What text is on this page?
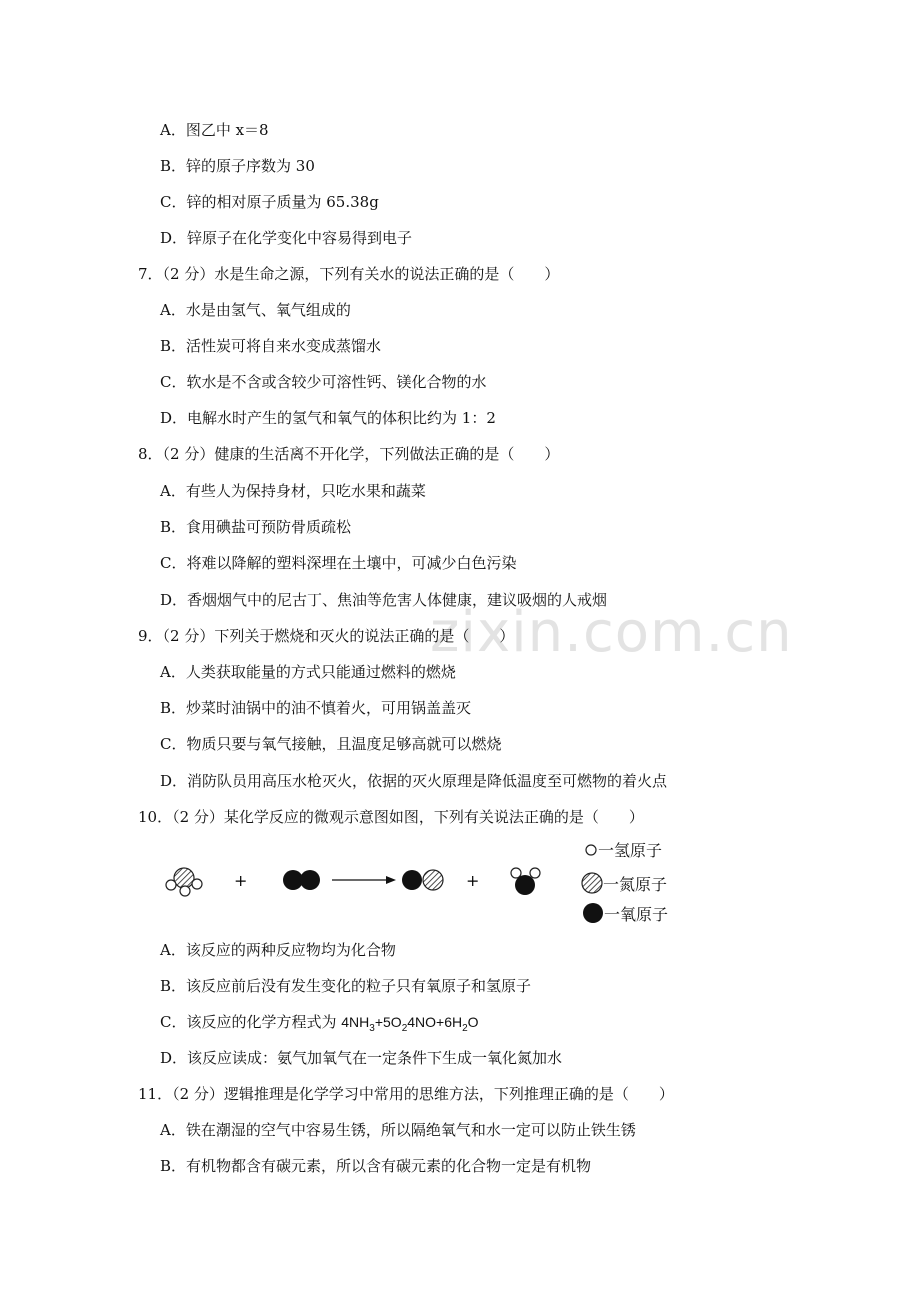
zixin.com.cn
A．图乙中 x＝8
B．锌的原子序数为 30
C．锌的相对原子质量为 65.38g
D．锌原子在化学变化中容易得到电子
7．（2 分）水是生命之源，下列有关水的说法正确的是（　　）
A．水是由氢气、氧气组成的
B．活性炭可将自来水变成蒸馏水
C．软水是不含或含较少可溶性钙、镁化合物的水
D．电解水时产生的氢气和氧气的体积比约为 1：2
8．（2 分）健康的生活离不开化学，下列做法正确的是（　　）
A．有些人为保持身材，只吃水果和蔬菜
B．食用碘盐可预防骨质疏松
C．将难以降解的塑料深埋在土壤中，可减少白色污染
D．香烟烟气中的尼古丁、焦油等危害人体健康，建议吸烟的人戒烟
9．（2 分）下列关于燃烧和灭火的说法正确的是（　　）
A．人类获取能量的方式只能通过燃料的燃烧
B．炒菜时油锅中的油不慎着火，可用锅盖盖灭
C．物质只要与氧气接触，且温度足够高就可以燃烧
D．消防队员用高压水枪灭火，依据的灭火原理是降低温度至可燃物的着火点
10．（2 分）某化学反应的微观示意图如图，下列有关说法正确的是（　　）
+	+
一氢原子
一氮原子
一氧原子
A．该反应的两种反应物均为化合物
B．该反应前后没有发生变化的粒子只有氧原子和氢原子
C．该反应的化学方程式为 $4NH_3+5O_24NO+6H_2O$
D．该反应读成：氨气加氧气在一定条件下生成一氧化氮加水
11．（2 分）逻辑推理是化学学习中常用的思维方法，下列推理正确的是（　　）
A．铁在潮湿的空气中容易生锈，所以隔绝氧气和水一定可以防止铁生锈
B．有机物都含有碳元素，所以含有碳元素的化合物一定是有机物
